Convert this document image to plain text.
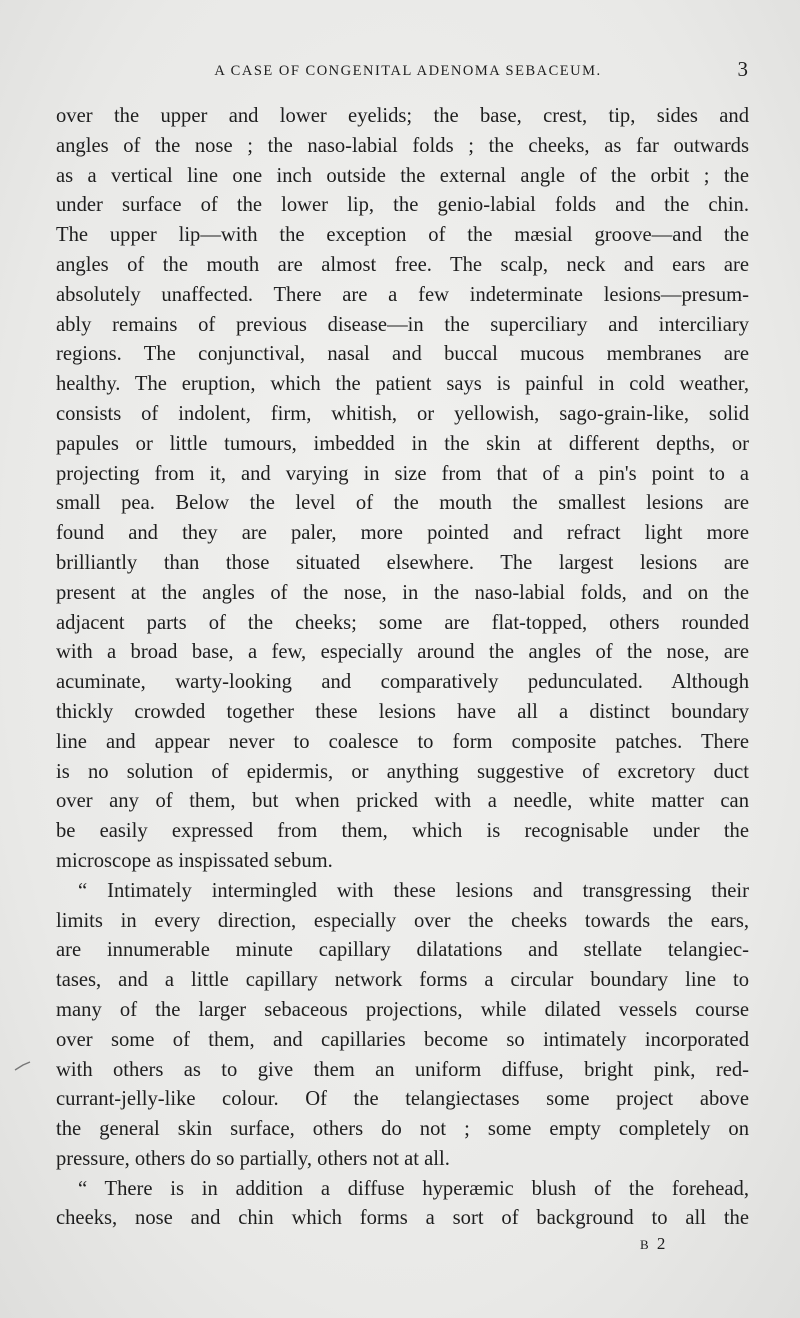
A CASE OF CONGENITAL ADENOMA SEBACEUM.	3
over the upper and lower eyelids; the base, crest, tip, sides and
angles of the nose ; the naso-labial folds ; the cheeks, as far outwards
as a vertical line one inch outside the external angle of the orbit ; the
under surface of the lower lip, the genio-labial folds and the chin.
The upper lip—with the exception of the mæsial groove—and the
angles of the mouth are almost free. The scalp, neck and ears are
absolutely unaffected. There are a few indeterminate lesions—presum-
ably remains of previous disease—in the superciliary and interciliary
regions. The conjunctival, nasal and buccal mucous membranes are
healthy. The eruption, which the patient says is painful in cold weather,
consists of indolent, firm, whitish, or yellowish, sago-grain-like, solid
papules or little tumours, imbedded in the skin at different depths, or
projecting from it, and varying in size from that of a pin's point to a
small pea. Below the level of the mouth the smallest lesions are
found and they are paler, more pointed and refract light more
brilliantly than those situated elsewhere. The largest lesions are
present at the angles of the nose, in the naso-labial folds, and on the
adjacent parts of the cheeks; some are flat-topped, others rounded
with a broad base, a few, especially around the angles of the nose, are
acuminate, warty-looking and comparatively pedunculated. Although
thickly crowded together these lesions have all a distinct boundary
line and appear never to coalesce to form composite patches. There
is no solution of epidermis, or anything suggestive of excretory duct
over any of them, but when pricked with a needle, white matter can
be easily expressed from them, which is recognisable under the
microscope as inspissated sebum.
“ Intimately intermingled with these lesions and transgressing their
limits in every direction, especially over the cheeks towards the ears,
are innumerable minute capillary dilatations and stellate telangiec-
tases, and a little capillary network forms a circular boundary line to
many of the larger sebaceous projections, while dilated vessels course
over some of them, and capillaries become so intimately incorporated
with others as to give them an uniform diffuse, bright pink, red-
currant-jelly-like colour. Of the telangiectases some project above
the general skin surface, others do not ; some empty completely on
pressure, others do so partially, others not at all.
“ There is in addition a diffuse hyperæmic blush of the forehead,
cheeks, nose and chin which forms a sort of background to all the
B 2
